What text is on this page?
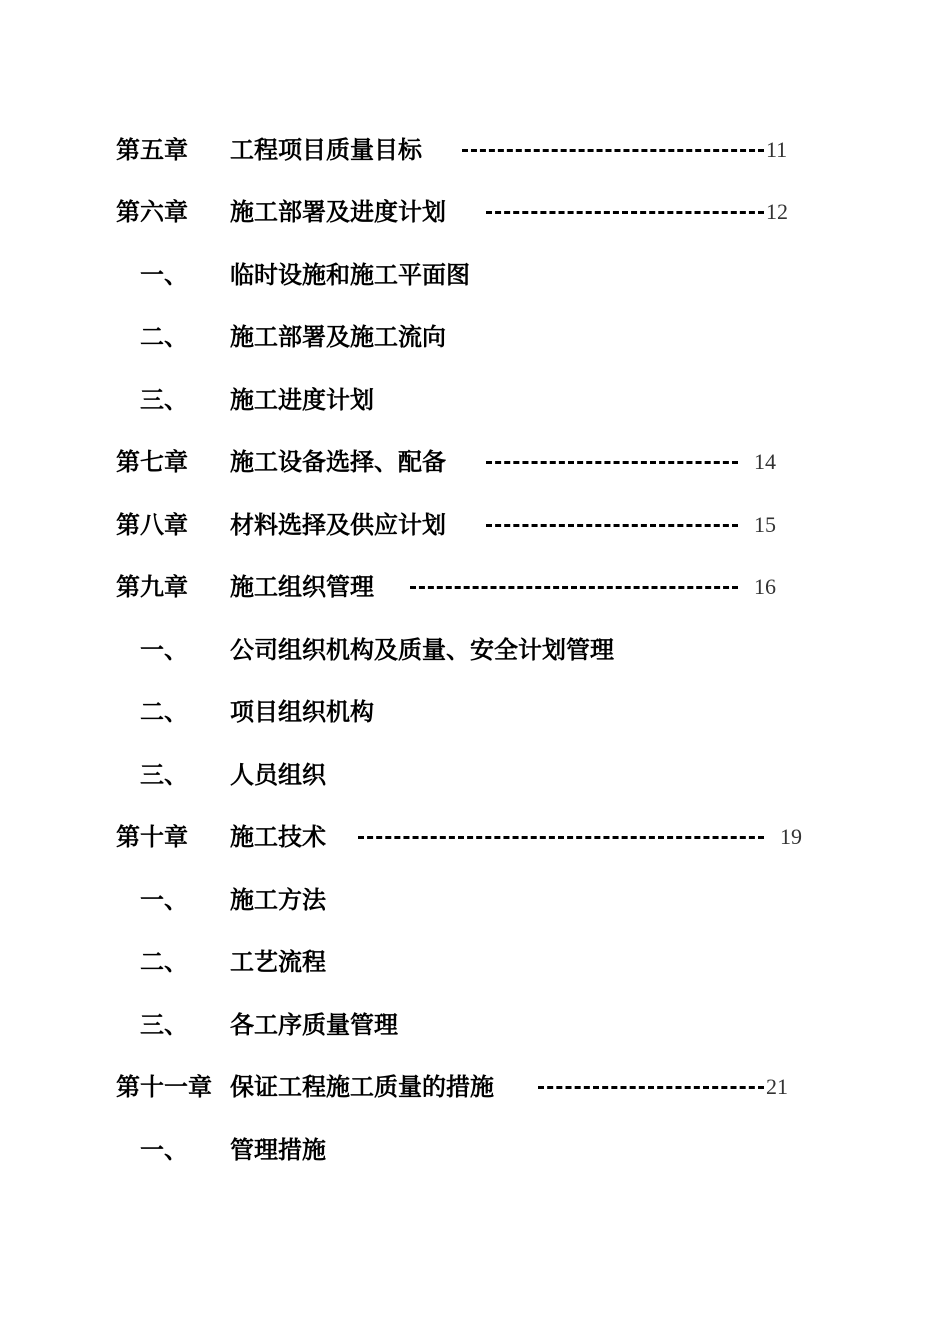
第五章 工程项目质量目标	11
第六章 施工部署及进度计划	12
一、 临时设施和施工平面图
二、 施工部署及施工流向
三、 施工进度计划
第七章 施工设备选择、配备	14
第八章 材料选择及供应计划	15
第九章 施工组织管理	16
一、 公司组织机构及质量、安全计划管理
二、 项目组织机构
三、 人员组织
第十章 施工技术	19
一、 施工方法
二、 工艺流程
三、 各工序质量管理
第十一章 保证工程施工质量的措施	21
一、 管理措施
